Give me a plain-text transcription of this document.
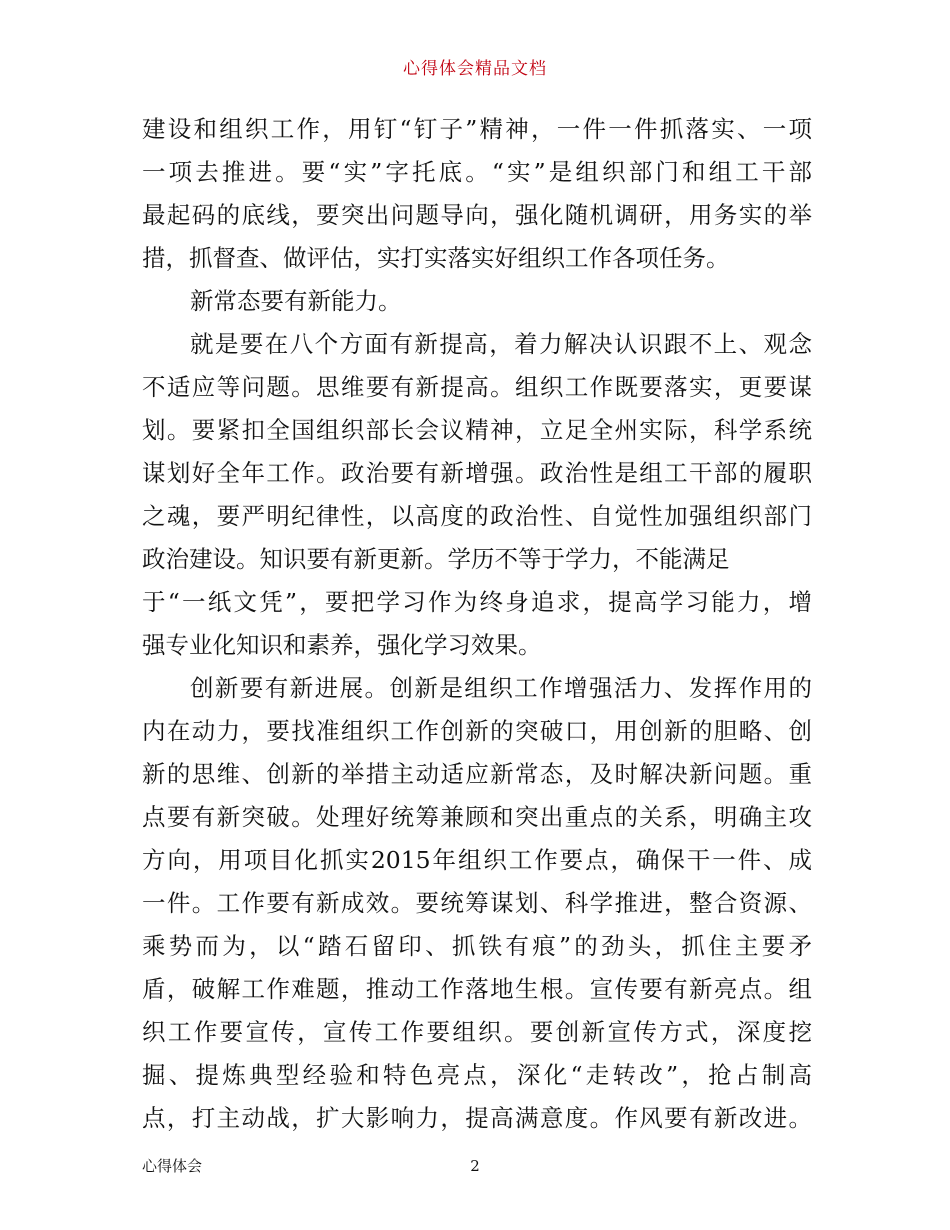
心得体会精品文档
建设和组织工作，用钉“钉子”精神，一件一件抓落实、一项
一项去推进。要“实”字托底。“实”是组织部门和组工干部
最起码的底线，要突出问题导向，强化随机调研，用务实的举
措，抓督查、做评估，实打实落实好组织工作各项任务。
新常态要有新能力。
就是要在八个方面有新提高，着力解决认识跟不上、观念
不适应等问题。思维要有新提高。组织工作既要落实，更要谋
划。要紧扣全国组织部长会议精神，立足全州实际，科学系统
谋划好全年工作。政治要有新增强。政治性是组工干部的履职
之魂，要严明纪律性，以高度的政治性、自觉性加强组织部门
政治建设。知识要有新更新。学历不等于学力，不能满足
于“一纸文凭”，要把学习作为终身追求，提高学习能力，增
强专业化知识和素养，强化学习效果。
创新要有新进展。创新是组织工作增强活力、发挥作用的
内在动力，要找准组织工作创新的突破口，用创新的胆略、创
新的思维、创新的举措主动适应新常态，及时解决新问题。重
点要有新突破。处理好统筹兼顾和突出重点的关系，明确主攻
方向，用项目化抓实2015年组织工作要点，确保干一件、成
一件。工作要有新成效。要统筹谋划、科学推进，整合资源、
乘势而为，以“踏石留印、抓铁有痕”的劲头，抓住主要矛
盾，破解工作难题，推动工作落地生根。宣传要有新亮点。组
织工作要宣传，宣传工作要组织。要创新宣传方式，深度挖
掘、提炼典型经验和特色亮点，深化“走转改”，抢占制高
点，打主动战，扩大影响力，提高满意度。作风要有新改进。
心得体会	2
